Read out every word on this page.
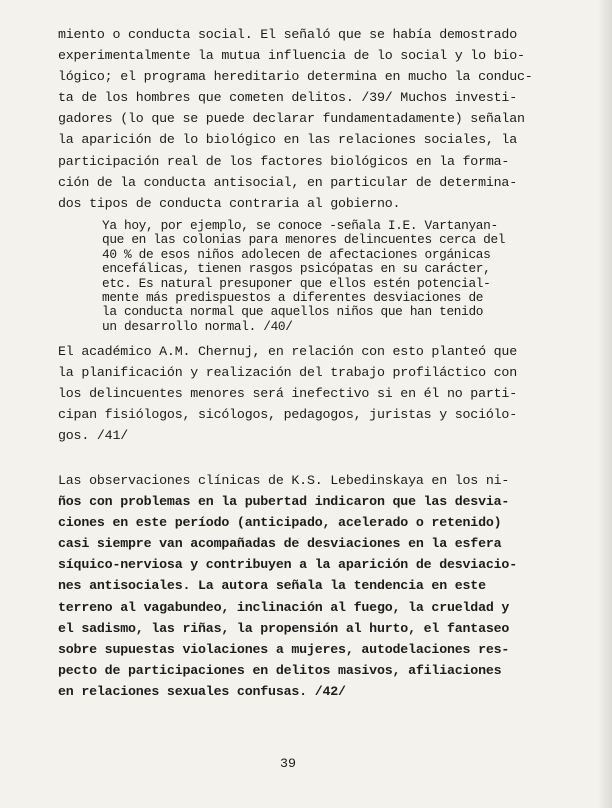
miento o conducta social. El señaló que se había demostrado
experimentalmente la mutua influencia de lo social y lo bio-
lógico; el programa hereditario determina en mucho la conduc-
ta de los hombres que cometen delitos. /39/ Muchos investi-
gadores (lo que se puede declarar fundamentadamente) señalan
la aparición de lo biológico en las relaciones sociales, la
participación real de los factores biológicos en la forma-
ción de la conducta antisocial, en particular de determina-
dos tipos de conducta contraria al gobierno.
Ya hoy, por ejemplo, se conoce -señala I.E. Vartanyan-
que en las colonias para menores delincuentes cerca del
40 % de esos niños adolecen de afectaciones orgánicas
encefálicas, tienen rasgos psicópatas en su carácter,
etc. Es natural presuponer que ellos estén potencial-
mente más predispuestos a diferentes desviaciones de
la conducta normal que aquellos niños que han tenido
un desarrollo normal. /40/
El académico A.M. Chernuj, en relación con esto planteó que
la planificación y realización del trabajo profiláctico con
los delincuentes menores será inefectivo si en él no parti-
cipan fisiólogos, sicólogos, pedagogos, juristas y sociólo-
gos. /41/
Las observaciones clínicas de K.S. Lebedinskaya en los ni-
ños con problemas en la pubertad indicaron que las desvia-
ciones en este período (anticipado, acelerado o retenido)
casi siempre van acompañadas de desviaciones en la esfera
síquico-nerviosa y contribuyen a la aparición de desviacio-
nes antisociales. La autora señala la tendencia en este
terreno al vagabundeo, inclinación al fuego, la crueldad y
el sadismo, las riñas, la propensión al hurto, el fantaseo
sobre supuestas violaciones a mujeres, autodelaciones res-
pecto de participaciones en delitos masivos, afiliaciones
en relaciones sexuales confusas. /42/
39
